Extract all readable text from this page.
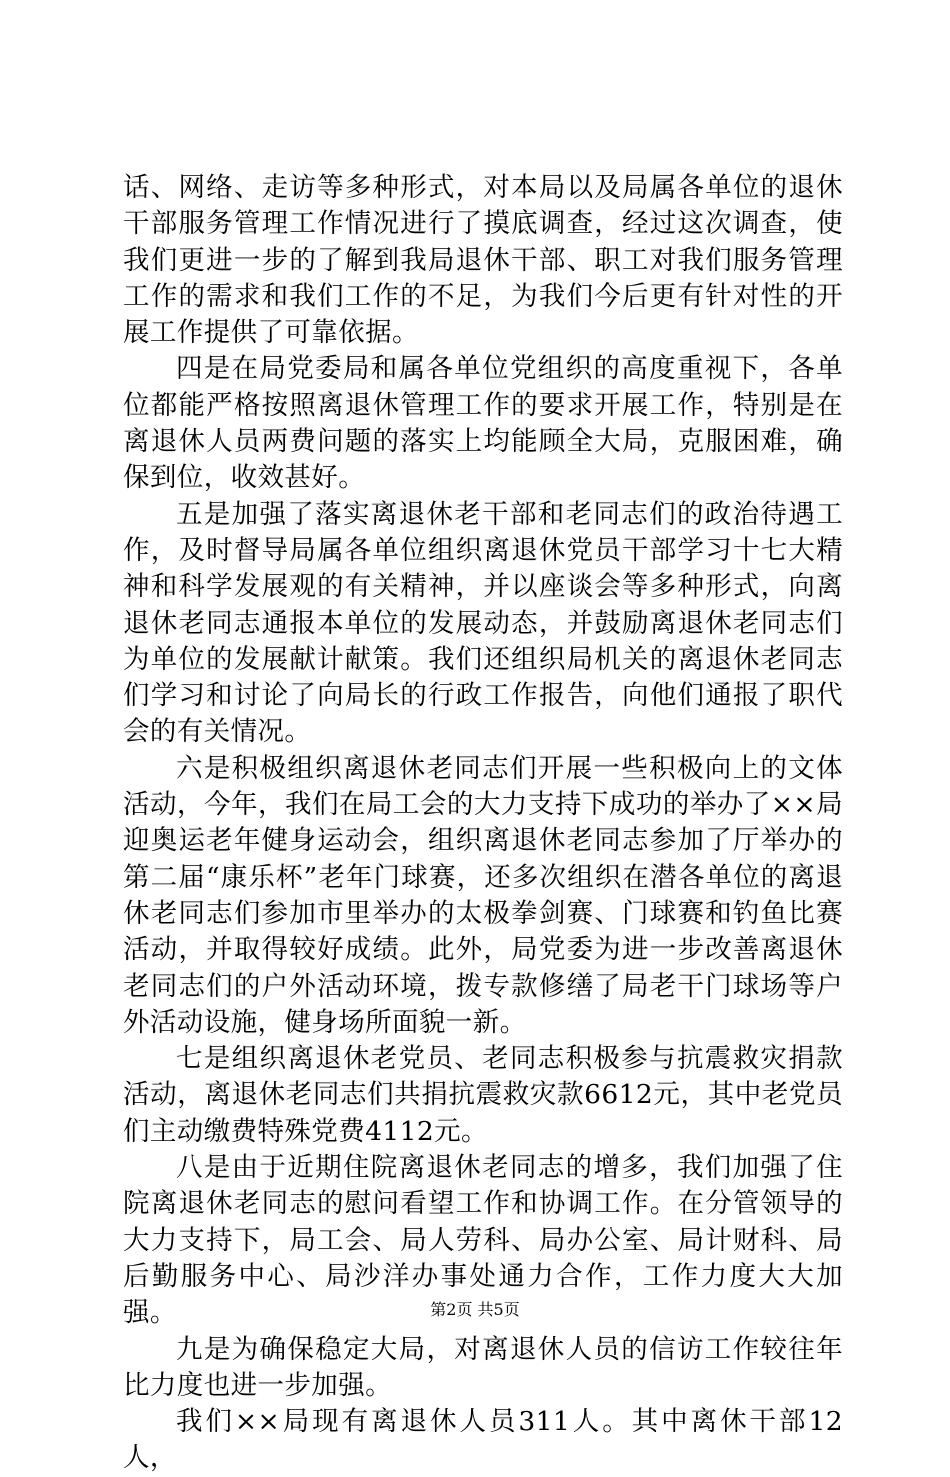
话、网络、走访等多种形式，对本局以及局属各单位的退休干部服务管理工作情况进行了摸底调查，经过这次调查，使我们更进一步的了解到我局退休干部、职工对我们服务管理工作的需求和我们工作的不足，为我们今后更有针对性的开展工作提供了可靠依据。

四是在局党委局和属各单位党组织的高度重视下，各单位都能严格按照离退休管理工作的要求开展工作，特别是在离退休人员两费问题的落实上均能顾全大局，克服困难，确保到位，收效甚好。

五是加强了落实离退休老干部和老同志们的政治待遇工作，及时督导局属各单位组织离退休党员干部学习十七大精神和科学发展观的有关精神，并以座谈会等多种形式，向离退休老同志通报本单位的发展动态，并鼓励离退休老同志们为单位的发展献计献策。我们还组织局机关的离退休老同志们学习和讨论了向局长的行政工作报告，向他们通报了职代会的有关情况。

六是积极组织离退休老同志们开展一些积极向上的文体活动，今年，我们在局工会的大力支持下成功的举办了××局迎奥运老年健身运动会，组织离退休老同志参加了厅举办的第二届“康乐杯”老年门球赛，还多次组织在潜各单位的离退休老同志们参加市里举办的太极拳剑赛、门球赛和钓鱼比赛活动，并取得较好成绩。此外，局党委为进一步改善离退休老同志们的户外活动环境，拨专款修缮了局老干门球场等户外活动设施，健身场所面貌一新。

七是组织离退休老党员、老同志积极参与抗震救灾捐款活动，离退休老同志们共捐抗震救灾款6612元，其中老党员们主动缴费特殊党费4112元。

八是由于近期住院离退休老同志的增多，我们加强了住院离退休老同志的慰问看望工作和协调工作。在分管领导的大力支持下，局工会、局人劳科、局办公室、局计财科、局后勤服务中心、局沙洋办事处通力合作，工作力度大大加强。

九是为确保稳定大局，对离退休人员的信访工作较往年比力度也进一步加强。

我们××局现有离退休人员311人。其中离休干部12人，

第2页 共5页
